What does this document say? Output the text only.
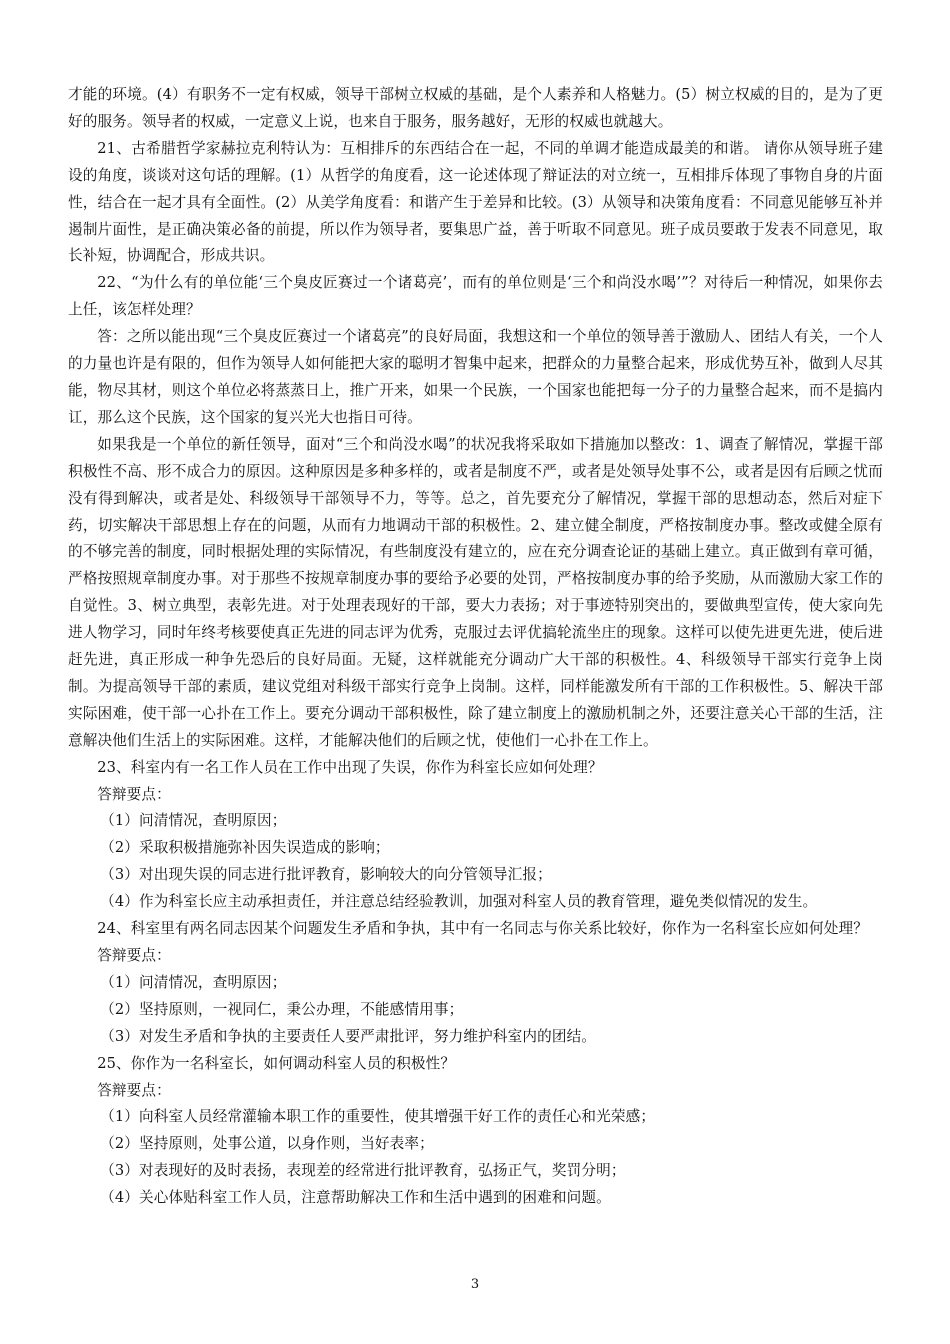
才能的环境。(4）有职务不一定有权威，领导干部树立权威的基础，是个人素养和人格魅力。(5）树立权威的目的，是为了更好的服务。领导者的权威，一定意义上说，也来自于服务，服务越好，无形的权威也就越大。

21、古希腊哲学家赫拉克利特认为：互相排斥的东西结合在一起，不同的单调才能造成最美的和谐。 请你从领导班子建设的角度，谈谈对这句话的理解。(1）从哲学的角度看，这一论述体现了辩证法的对立统一，互相排斥体现了事物自身的片面性，结合在一起才具有全面性。(2）从美学角度看：和谐产生于差异和比较。(3）从领导和决策角度看：不同意见能够互补并遏制片面性，是正确决策必备的前提，所以作为领导者，要集思广益，善于听取不同意见。班子成员要敢于发表不同意见，取长补短，协调配合，形成共识。

22、“为什么有的单位能‘三个臭皮匠赛过一个诸葛亮’，而有的单位则是‘三个和尚没水喝’”？对待后一种情况，如果你去上任，该怎样处理？

答：之所以能出现“三个臭皮匠赛过一个诸葛亮”的良好局面，我想这和一个单位的领导善于激励人、团结人有关，一个人的力量也许是有限的，但作为领导人如何能把大家的聪明才智集中起来，把群众的力量整合起来，形成优势互补，做到人尽其能，物尽其材，则这个单位必将蒸蒸日上，推广开来，如果一个民族，一个国家也能把每一分子的力量整合起来，而不是搞内讧，那么这个民族，这个国家的复兴光大也指日可待。

如果我是一个单位的新任领导，面对“三个和尚没水喝”的状况我将采取如下措施加以整改：1、调查了解情况，掌握干部积极性不高、形不成合力的原因。这种原因是多种多样的，或者是制度不严，或者是处领导处事不公，或者是因有后顾之忧而没有得到解决，或者是处、科级领导干部领导不力，等等。总之，首先要充分了解情况，掌握干部的思想动态，然后对症下药，切实解决干部思想上存在的问题，从而有力地调动干部的积极性。2、建立健全制度，严格按制度办事。整改或健全原有的不够完善的制度，同时根据处理的实际情况，有些制度没有建立的，应在充分调查论证的基础上建立。真正做到有章可循，严格按照规章制度办事。对于那些不按规章制度办事的要给予必要的处罚，严格按制度办事的给予奖励，从而激励大家工作的自觉性。3、树立典型，表彰先进。对于处理表现好的干部，要大力表扬；对于事迹特别突出的，要做典型宣传，使大家向先进人物学习，同时年终考核要使真正先进的同志评为优秀，克服过去评优搞轮流坐庄的现象。这样可以使先进更先进，使后进赶先进，真正形成一种争先恐后的良好局面。无疑，这样就能充分调动广大干部的积极性。4、科级领导干部实行竞争上岗制。为提高领导干部的素质，建议党组对科级干部实行竞争上岗制。这样，同样能激发所有干部的工作积极性。5、解决干部实际困难，使干部一心扑在工作上。要充分调动干部积极性，除了建立制度上的激励机制之外，还要注意关心干部的生活，注意解决他们生活上的实际困难。这样，才能解决他们的后顾之忧，使他们一心扑在工作上。

23、科室内有一名工作人员在工作中出现了失误，你作为科室长应如何处理？

答辩要点：

（1）问清情况，查明原因；

（2）采取积极措施弥补因失误造成的影响；

（3）对出现失误的同志进行批评教育，影响较大的向分管领导汇报；

（4）作为科室长应主动承担责任，并注意总结经验教训，加强对科室人员的教育管理，避免类似情况的发生。

24、科室里有两名同志因某个问题发生矛盾和争执，其中有一名同志与你关系比较好，你作为一名科室长应如何处理？

答辩要点：

（1）问清情况，查明原因；

（2）坚持原则，一视同仁，秉公办理，不能感情用事；

（3）对发生矛盾和争执的主要责任人要严肃批评，努力维护科室内的团结。

25、你作为一名科室长，如何调动科室人员的积极性？

答辩要点：

（1）向科室人员经常灌输本职工作的重要性，使其增强干好工作的责任心和光荣感；

（2）坚持原则，处事公道，以身作则，当好表率；

（3）对表现好的及时表扬，表现差的经常进行批评教育，弘扬正气，奖罚分明；

（4）关心体贴科室工作人员，注意帮助解决工作和生活中遇到的困难和问题。

3
